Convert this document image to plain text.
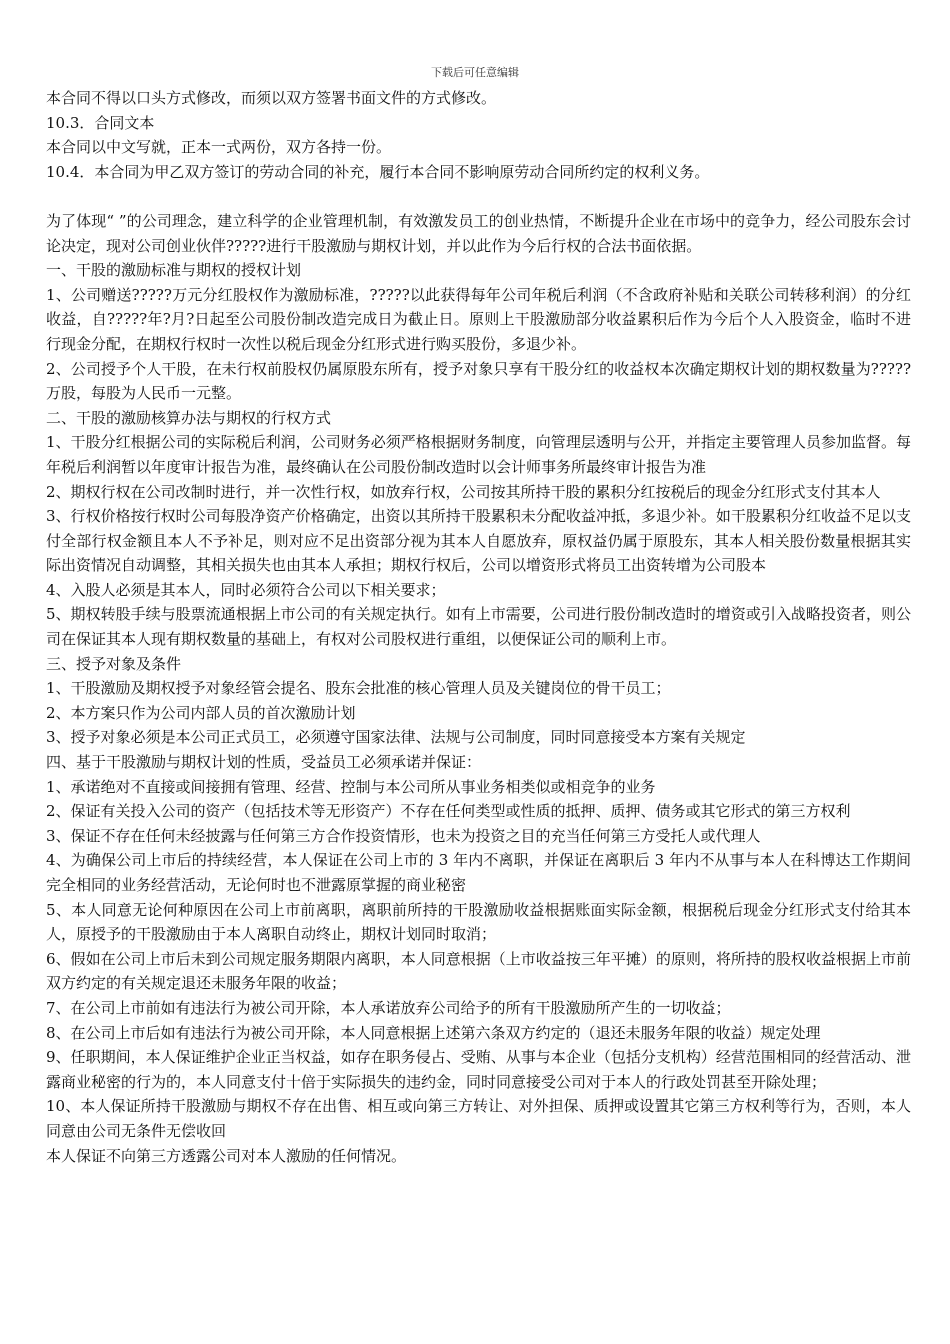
下载后可任意编辑

本合同不得以口头方式修改，而须以双方签署书面文件的方式修改。

10.3．合同文本

本合同以中文写就，正本一式两份，双方各持一份。

10.4．本合同为甲乙双方签订的劳动合同的补充，履行本合同不影响原劳动合同所约定的权利义务。

为了体现“ ”的公司理念，建立科学的企业管理机制，有效激发员工的创业热情，不断提升企业在市场中的竞争力，经公司股东会讨论决定，现对公司创业伙伴?????进行干股激励与期权计划，并以此作为今后行权的合法书面依据。

一、干股的激励标准与期权的授权计划

1、公司赠送?????万元分红股权作为激励标准，?????以此获得每年公司年税后利润（不含政府补贴和关联公司转移利润）的分红收益，自?????年?月?日起至公司股份制改造完成日为截止日。原则上干股激励部分收益累积后作为今后个人入股资金，临时不进行现金分配，在期权行权时一次性以税后现金分红形式进行购买股份，多退少补。

2、公司授予个人干股，在未行权前股权仍属原股东所有，授予对象只享有干股分红的收益权本次确定期权计划的期权数量为?????万股，每股为人民币一元整。

二、干股的激励核算办法与期权的行权方式

1、干股分红根据公司的实际税后利润，公司财务必须严格根据财务制度，向管理层透明与公开，并指定主要管理人员参加监督。每年税后利润暂以年度审计报告为准，最终确认在公司股份制改造时以会计师事务所最终审计报告为准

2、期权行权在公司改制时进行，并一次性行权，如放弃行权，公司按其所持干股的累积分红按税后的现金分红形式支付其本人

3、行权价格按行权时公司每股净资产价格确定，出资以其所持干股累积未分配收益冲抵，多退少补。如干股累积分红收益不足以支付全部行权金额且本人不予补足，则对应不足出资部分视为其本人自愿放弃，原权益仍属于原股东，其本人相关股份数量根据其实际出资情况自动调整，其相关损失也由其本人承担；期权行权后，公司以增资形式将员工出资转增为公司股本

4、入股人必须是其本人，同时必须符合公司以下相关要求；

5、期权转股手续与股票流通根据上市公司的有关规定执行。如有上市需要，公司进行股份制改造时的增资或引入战略投资者，则公司在保证其本人现有期权数量的基础上，有权对公司股权进行重组，以便保证公司的顺利上市。

三、授予对象及条件

1、干股激励及期权授予对象经管会提名、股东会批准的核心管理人员及关键岗位的骨干员工；

2、本方案只作为公司内部人员的首次激励计划

3、授予对象必须是本公司正式员工，必须遵守国家法律、法规与公司制度，同时同意接受本方案有关规定

四、基于干股激励与期权计划的性质，受益员工必须承诺并保证：

1、承诺绝对不直接或间接拥有管理、经营、控制与本公司所从事业务相类似或相竞争的业务

2、保证有关投入公司的资产（包括技术等无形资产）不存在任何类型或性质的抵押、质押、债务或其它形式的第三方权利

3、保证不存在任何未经披露与任何第三方合作投资情形，也未为投资之目的充当任何第三方受托人或代理人

4、为确保公司上市后的持续经营，本人保证在公司上市的 3 年内不离职，并保证在离职后 3 年内不从事与本人在科博达工作期间完全相同的业务经营活动，无论何时也不泄露原掌握的商业秘密

5、本人同意无论何种原因在公司上市前离职，离职前所持的干股激励收益根据账面实际金额，根据税后现金分红形式支付给其本人，原授予的干股激励由于本人离职自动终止，期权计划同时取消；

6、假如在公司上市后未到公司规定服务期限内离职，本人同意根据（上市收益按三年平摊）的原则，将所持的股权收益根据上市前双方约定的有关规定退还未服务年限的收益；

7、在公司上市前如有违法行为被公司开除，本人承诺放弃公司给予的所有干股激励所产生的一切收益；

8、在公司上市后如有违法行为被公司开除，本人同意根据上述第六条双方约定的（退还未服务年限的收益）规定处理

9、任职期间，本人保证维护企业正当权益，如存在职务侵占、受贿、从事与本企业（包括分支机构）经营范围相同的经营活动、泄露商业秘密的行为的，本人同意支付十倍于实际损失的违约金，同时同意接受公司对于本人的行政处罚甚至开除处理；

10、本人保证所持干股激励与期权不存在出售、相互或向第三方转让、对外担保、质押或设置其它第三方权利等行为，否则，本人同意由公司无条件无偿收回

本人保证不向第三方透露公司对本人激励的任何情况。
